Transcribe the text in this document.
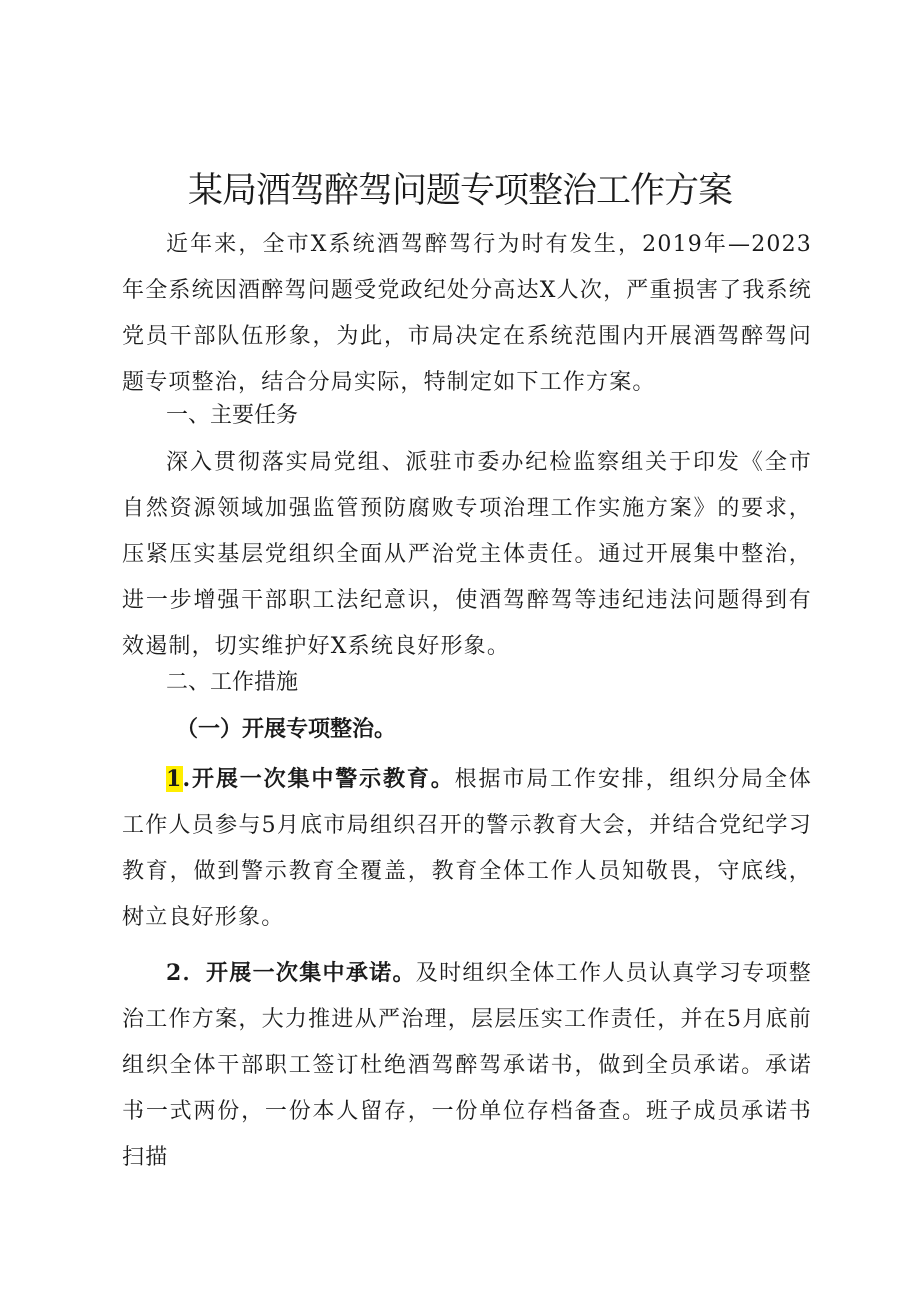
某局酒驾醉驾问题专项整治工作方案

近年来，全市X系统酒驾醉驾行为时有发生，2019年—2023年全系统因酒醉驾问题受党政纪处分高达X人次，严重损害了我系统党员干部队伍形象，为此，市局决定在系统范围内开展酒驾醉驾问题专项整治，结合分局实际，特制定如下工作方案。

一、主要任务

深入贯彻落实局党组、派驻市委办纪检监察组关于印发《全市自然资源领域加强监管预防腐败专项治理工作实施方案》的要求，压紧压实基层党组织全面从严治党主体责任。通过开展集中整治，进一步增强干部职工法纪意识，使酒驾醉驾等违纪违法问题得到有效遏制，切实维护好X系统良好形象。

二、工作措施
（一）开展专项整治。

1.开展一次集中警示教育。根据市局工作安排，组织分局全体工作人员参与5月底市局组织召开的警示教育大会，并结合党纪学习教育，做到警示教育全覆盖，教育全体工作人员知敬畏，守底线，树立良好形象。

2．开展一次集中承诺。及时组织全体工作人员认真学习专项整治工作方案，大力推进从严治理，层层压实工作责任，并在5月底前组织全体干部职工签订杜绝酒驾醉驾承诺书，做到全员承诺。承诺书一式两份，一份本人留存，一份单位存档备查。班子成员承诺书扫描
